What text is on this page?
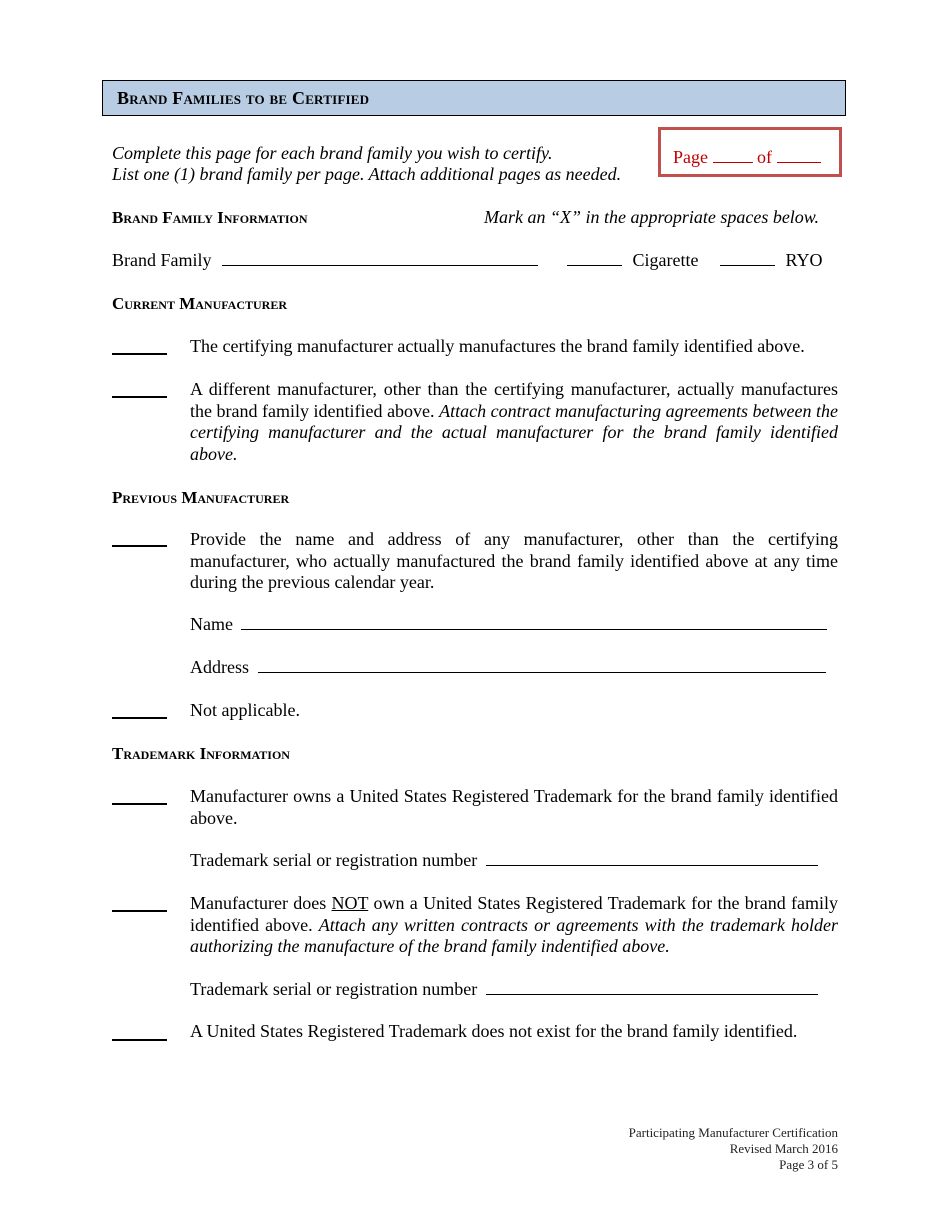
Brand Families to be Certified
Complete this page for each brand family you wish to certify.
List one (1) brand family per page. Attach additional pages as needed.
Page	of
Brand Family Information	Mark an “X” in the appropriate spaces below.
Brand Family	Cigarette	RYO
Current Manufacturer
The certifying manufacturer actually manufactures the brand family identified above.
A different manufacturer, other than the certifying manufacturer, actually manufactures the brand family identified above. Attach contract manufacturing agreements between the certifying manufacturer and the actual manufacturer for the brand family identified above.
Previous Manufacturer
Provide the name and address of any manufacturer, other than the certifying manufacturer, who actually manufactured the brand family identified above at any time during the previous calendar year.
Name
Address
Not applicable.
Trademark Information
Manufacturer owns a United States Registered Trademark for the brand family identified above.
Trademark serial or registration number
Manufacturer does NOT own a United States Registered Trademark for the brand family identified above. Attach any written contracts or agreements with the trademark holder authorizing the manufacture of the brand family indentified above.
Trademark serial or registration number
A United States Registered Trademark does not exist for the brand family identified.
Participating Manufacturer Certification
Revised March 2016
Page 3 of 5
